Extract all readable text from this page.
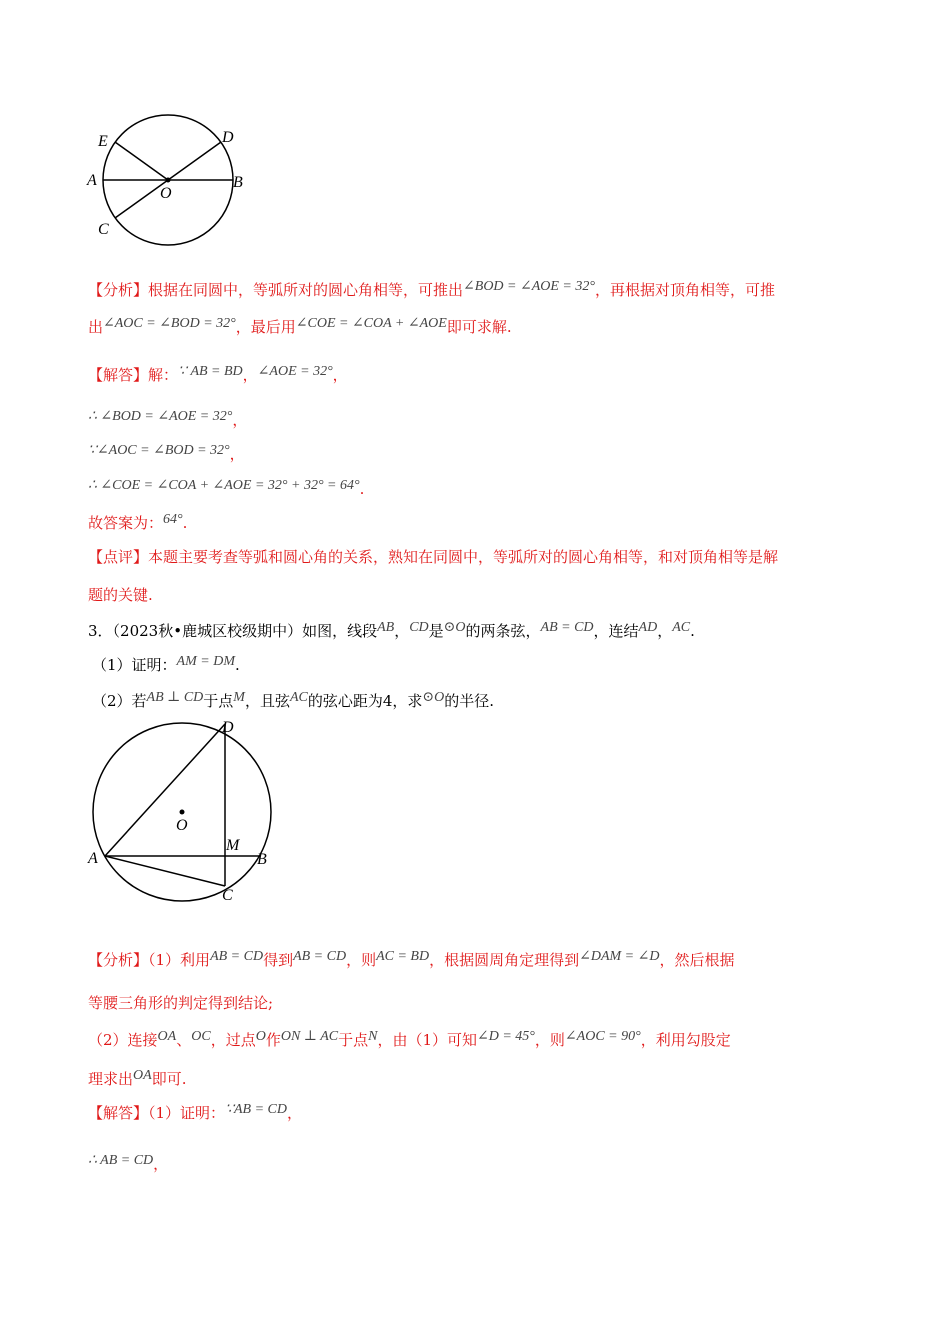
E	D
A
O
B
C
【分析】根据在同圆中，等弧所对的圆心角相等，可推出∠BOD = ∠AOE = 32°，再根据对顶角相等，可推
出∠AOC = ∠BOD = 32°，最后用∠COE = ∠COA + ∠AOE即可求解.
【解答】解：∵ AB = BD，∠AOE = 32°，
∴ ∠BOD = ∠AOE = 32°，
∵∠AOC = ∠BOD = 32°，
∴ ∠COE = ∠COA + ∠AOE = 32° + 32° = 64°.
故答案为：64°.
【点评】本题主要考查等弧和圆心角的关系，熟知在同圆中，等弧所对的圆心角相等，和对顶角相等是解
题的关键.
3．（2023秋•鹿城区校级期中）如图，线段AB，CD是⊙O的两条弦，AB = CD，连结AD，AC.
（1）证明：AM = DM.
（2）若AB ⊥ CD于点M，且弦AC的弦心距为4，求⊙O的半径.
D
O
M
A	B
C
【分析】（1）利用AB = CD得到AB = CD，则AC = BD，根据圆周角定理得到∠DAM = ∠D，然后根据
等腰三角形的判定得到结论;
（2）连接OA、OC，过点O作ON ⊥ AC于点N，由（1）可知∠D = 45°，则∠AOC = 90°，利用勾股定
理求出OA即可.
【解答】（1）证明：∵AB = CD，
∴ AB = CD，
